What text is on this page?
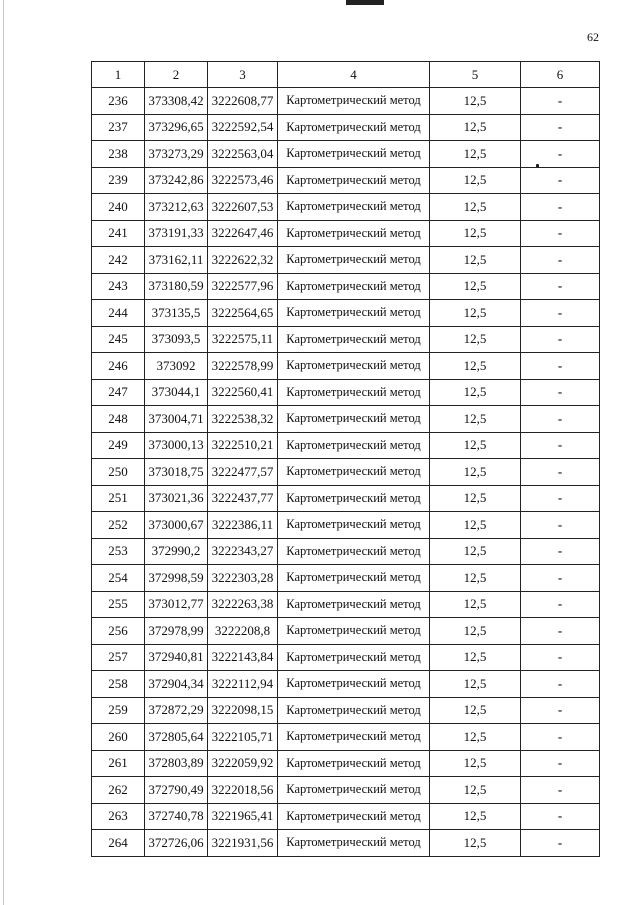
62
1	2	3	4	5	6
236	373308,42	3222608,77	Картометрический метод	12,5	-
237	373296,65	3222592,54	Картометрический метод	12,5	-
238	373273,29	3222563,04	Картометрический метод	12,5	-
239	373242,86	3222573,46	Картометрический метод	12,5	-
240	373212,63	3222607,53	Картометрический метод	12,5	-
241	373191,33	3222647,46	Картометрический метод	12,5	-
242	373162,11	3222622,32	Картометрический метод	12,5	-
243	373180,59	3222577,96	Картометрический метод	12,5	-
244	373135,5	3222564,65	Картометрический метод	12,5	-
245	373093,5	3222575,11	Картометрический метод	12,5	-
246	373092	3222578,99	Картометрический метод	12,5	-
247	373044,1	3222560,41	Картометрический метод	12,5	-
248	373004,71	3222538,32	Картометрический метод	12,5	-
249	373000,13	3222510,21	Картометрический метод	12,5	-
250	373018,75	3222477,57	Картометрический метод	12,5	-
251	373021,36	3222437,77	Картометрический метод	12,5	-
252	373000,67	3222386,11	Картометрический метод	12,5	-
253	372990,2	3222343,27	Картометрический метод	12,5	-
254	372998,59	3222303,28	Картометрический метод	12,5	-
255	373012,77	3222263,38	Картометрический метод	12,5	-
256	372978,99	3222208,8	Картометрический метод	12,5	-
257	372940,81	3222143,84	Картометрический метод	12,5	-
258	372904,34	3222112,94	Картометрический метод	12,5	-
259	372872,29	3222098,15	Картометрический метод	12,5	-
260	372805,64	3222105,71	Картометрический метод	12,5	-
261	372803,89	3222059,92	Картометрический метод	12,5	-
262	372790,49	3222018,56	Картометрический метод	12,5	-
263	372740,78	3221965,41	Картометрический метод	12,5	-
264	372726,06	3221931,56	Картометрический метод	12,5	-
